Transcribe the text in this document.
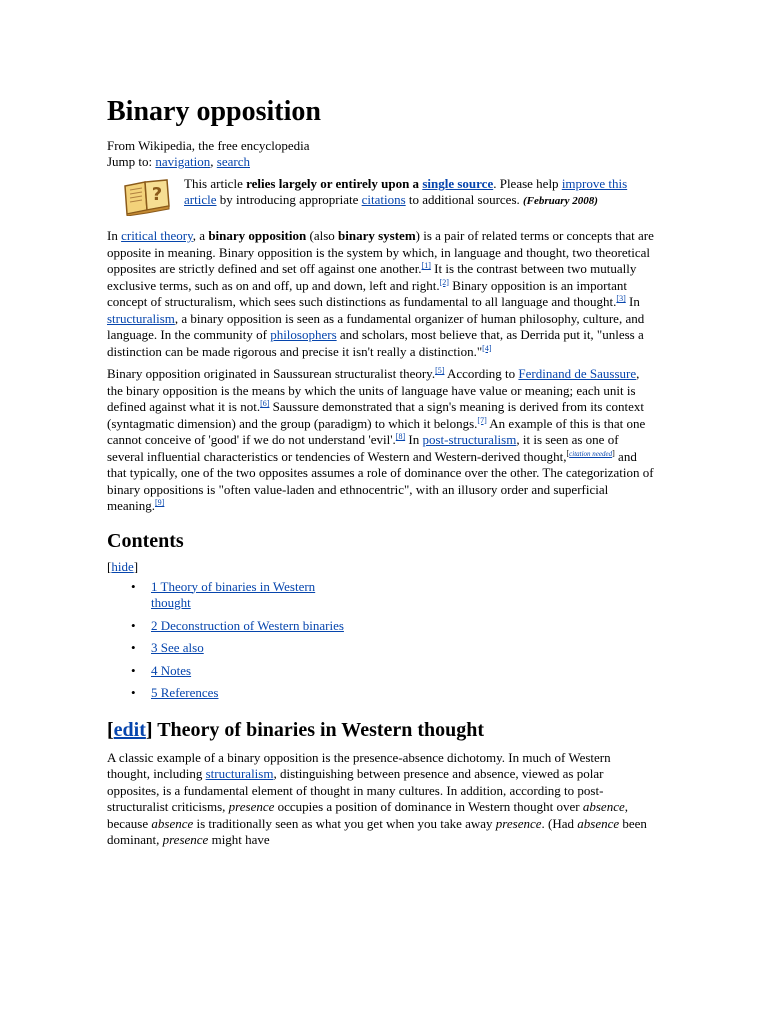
Binary opposition

From Wikipedia, the free encyclopedia

Jump to: navigation, search

?
This article relies largely or entirely upon a single source. Please help improve this article by introducing appropriate citations to additional sources. (February 2008)

In critical theory, a binary opposition (also binary system) is a pair of related terms or concepts that are opposite in meaning. Binary opposition is the system by which, in language and thought, two theoretical opposites are strictly defined and set off against one another.[1] It is the contrast between two mutually exclusive terms, such as on and off, up and down, left and right.[2] Binary opposition is an important concept of structuralism, which sees such distinctions as fundamental to all language and thought.[3] In structuralism, a binary opposition is seen as a fundamental organizer of human philosophy, culture, and language. In the community of philosophers and scholars, most believe that, as Derrida put it, "unless a distinction can be made rigorous and precise it isn't really a distinction."[4]

Binary opposition originated in Saussurean structuralist theory.[5] According to Ferdinand de Saussure, the binary opposition is the means by which the units of language have value or meaning; each unit is defined against what it is not.[6] Saussure demonstrated that a sign's meaning is derived from its context (syntagmatic dimension) and the group (paradigm) to which it belongs.[7] An example of this is that one cannot conceive of 'good' if we do not understand 'evil'.[8] In post-structuralism, it is seen as one of several influential characteristics or tendencies of Western and Western-derived thought,[citation needed] and that typically, one of the two opposites assumes a role of dominance over the other. The categorization of binary oppositions is "often value-laden and ethnocentric", with an illusory order and superficial meaning.[9]

Contents

[hide]

• 1 Theory of binaries in Western thought
• 2 Deconstruction of Western binaries
• 3 See also
• 4 Notes
• 5 References
[edit] Theory of binaries in Western thought

A classic example of a binary opposition is the presence-absence dichotomy. In much of Western thought, including structuralism, distinguishing between presence and absence, viewed as polar opposites, is a fundamental element of thought in many cultures. In addition, according to post-structuralist criticisms, presence occupies a position of dominance in Western thought over absence, because absence is traditionally seen as what you get when you take away presence. (Had absence been dominant, presence might have
